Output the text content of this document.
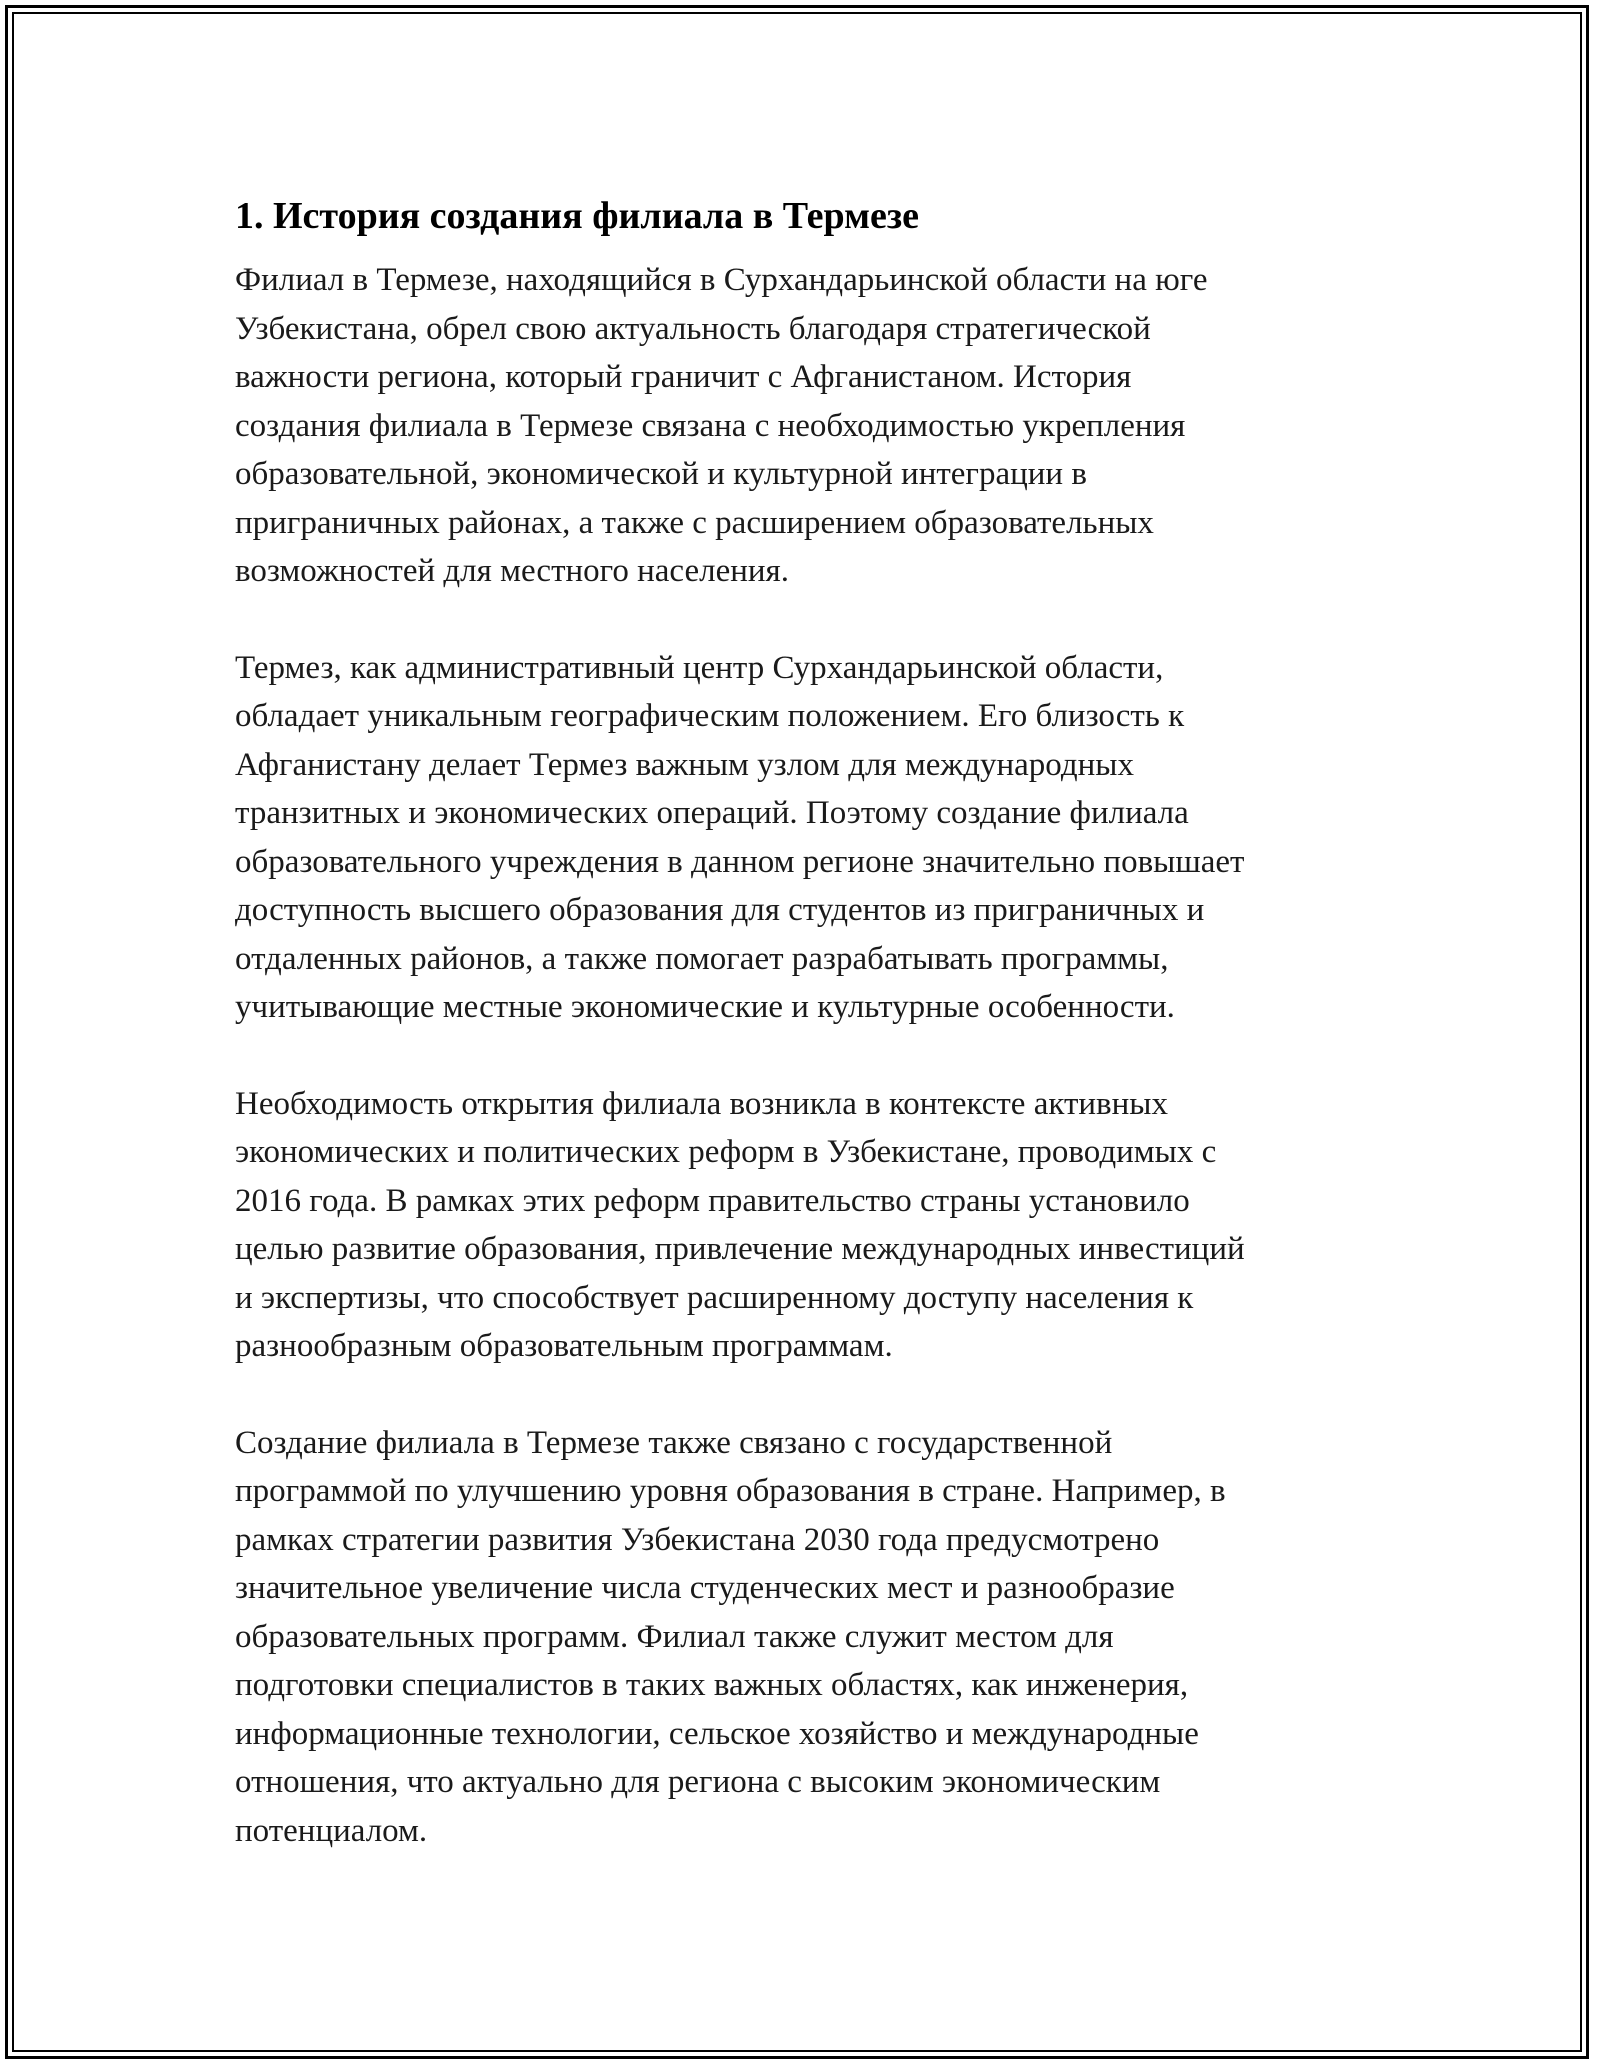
1. История создания филиала в Термезе
Филиал в Термезе, находящийся в Сурхандарьинской области на юге
Узбекистана, обрел свою актуальность благодаря стратегической
важности региона, который граничит с Афганистаном. История
создания филиала в Термезе связана с необходимостью укрепления
образовательной, экономической и культурной интеграции в
приграничных районах, а также с расширением образовательных
возможностей для местного населения.
Термез, как административный центр Сурхандарьинской области,
обладает уникальным географическим положением. Его близость к
Афганистану делает Термез важным узлом для международных
транзитных и экономических операций. Поэтому создание филиала
образовательного учреждения в данном регионе значительно повышает
доступность высшего образования для студентов из приграничных и
отдаленных районов, а также помогает разрабатывать программы,
учитывающие местные экономические и культурные особенности.
Необходимость открытия филиала возникла в контексте активных
экономических и политических реформ в Узбекистане, проводимых с
2016 года. В рамках этих реформ правительство страны установило
целью развитие образования, привлечение международных инвестиций
и экспертизы, что способствует расширенному доступу населения к
разнообразным образовательным программам.
Создание филиала в Термезе также связано с государственной
программой по улучшению уровня образования в стране. Например, в
рамках стратегии развития Узбекистана 2030 года предусмотрено
значительное увеличение числа студенческих мест и разнообразие
образовательных программ. Филиал также служит местом для
подготовки специалистов в таких важных областях, как инженерия,
информационные технологии, сельское хозяйство и международные
отношения, что актуально для региона с высоким экономическим
потенциалом.
